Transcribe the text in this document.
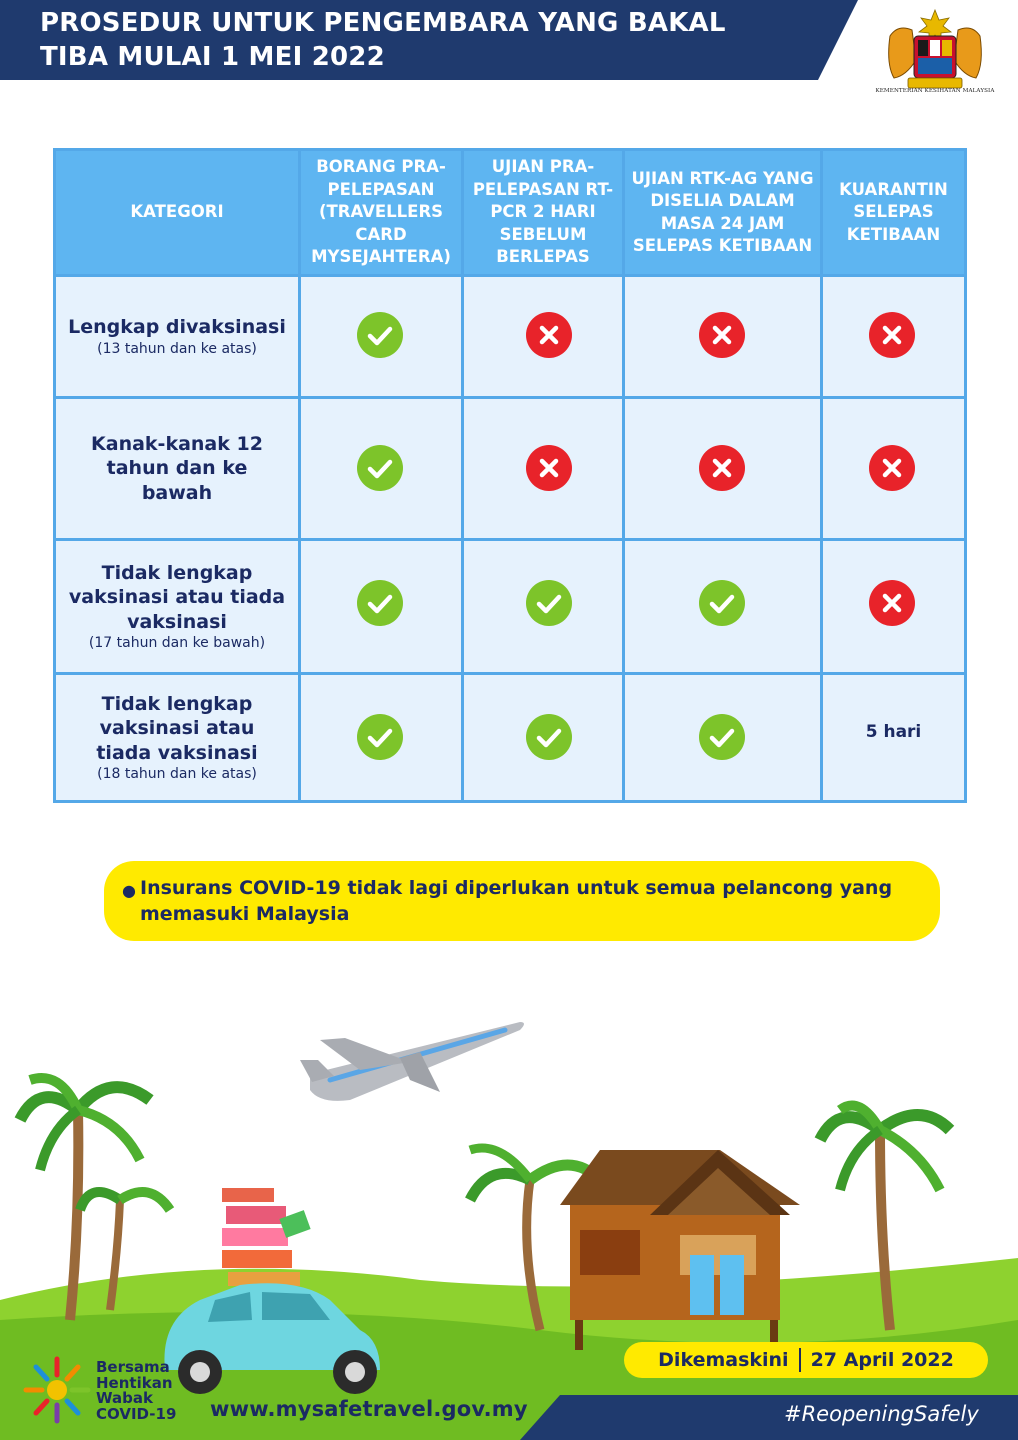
PROSEDUR UNTUK PENGEMBARA YANG BAKAL
TIBA MULAI 1 MEI 2022
KEMENTERIAN KESIHATAN MALAYSIA
KATEGORI
BORANG PRA-PELEPASAN (TRAVELLERS CARD MYSEJAHTERA)
UJIAN PRA-PELEPASAN RT-PCR 2 HARI SEBELUM BERLEPAS
UJIAN RTK-AG YANG DISELIA DALAM MASA 24 JAM SELEPAS KETIBAAN
KUARANTIN SELEPAS KETIBAAN
Lengkap divaksinasi
(13 tahun dan ke atas)
Kanak-kanak 12 tahun dan ke bawah
Tidak lengkap vaksinasi atau tiada vaksinasi
(17 tahun dan ke bawah)
Tidak lengkap vaksinasi atau tiada vaksinasi
(18 tahun dan ke atas)
5 hari
● Insurans COVID-19 tidak lagi diperlukan untuk semua pelancong yang memasuki Malaysia
Bersama
Hentikan
Wabak
COVID-19
Dikemaskini 27 April 2022
www.mysafetravel.gov.my	#ReopeningSafely
